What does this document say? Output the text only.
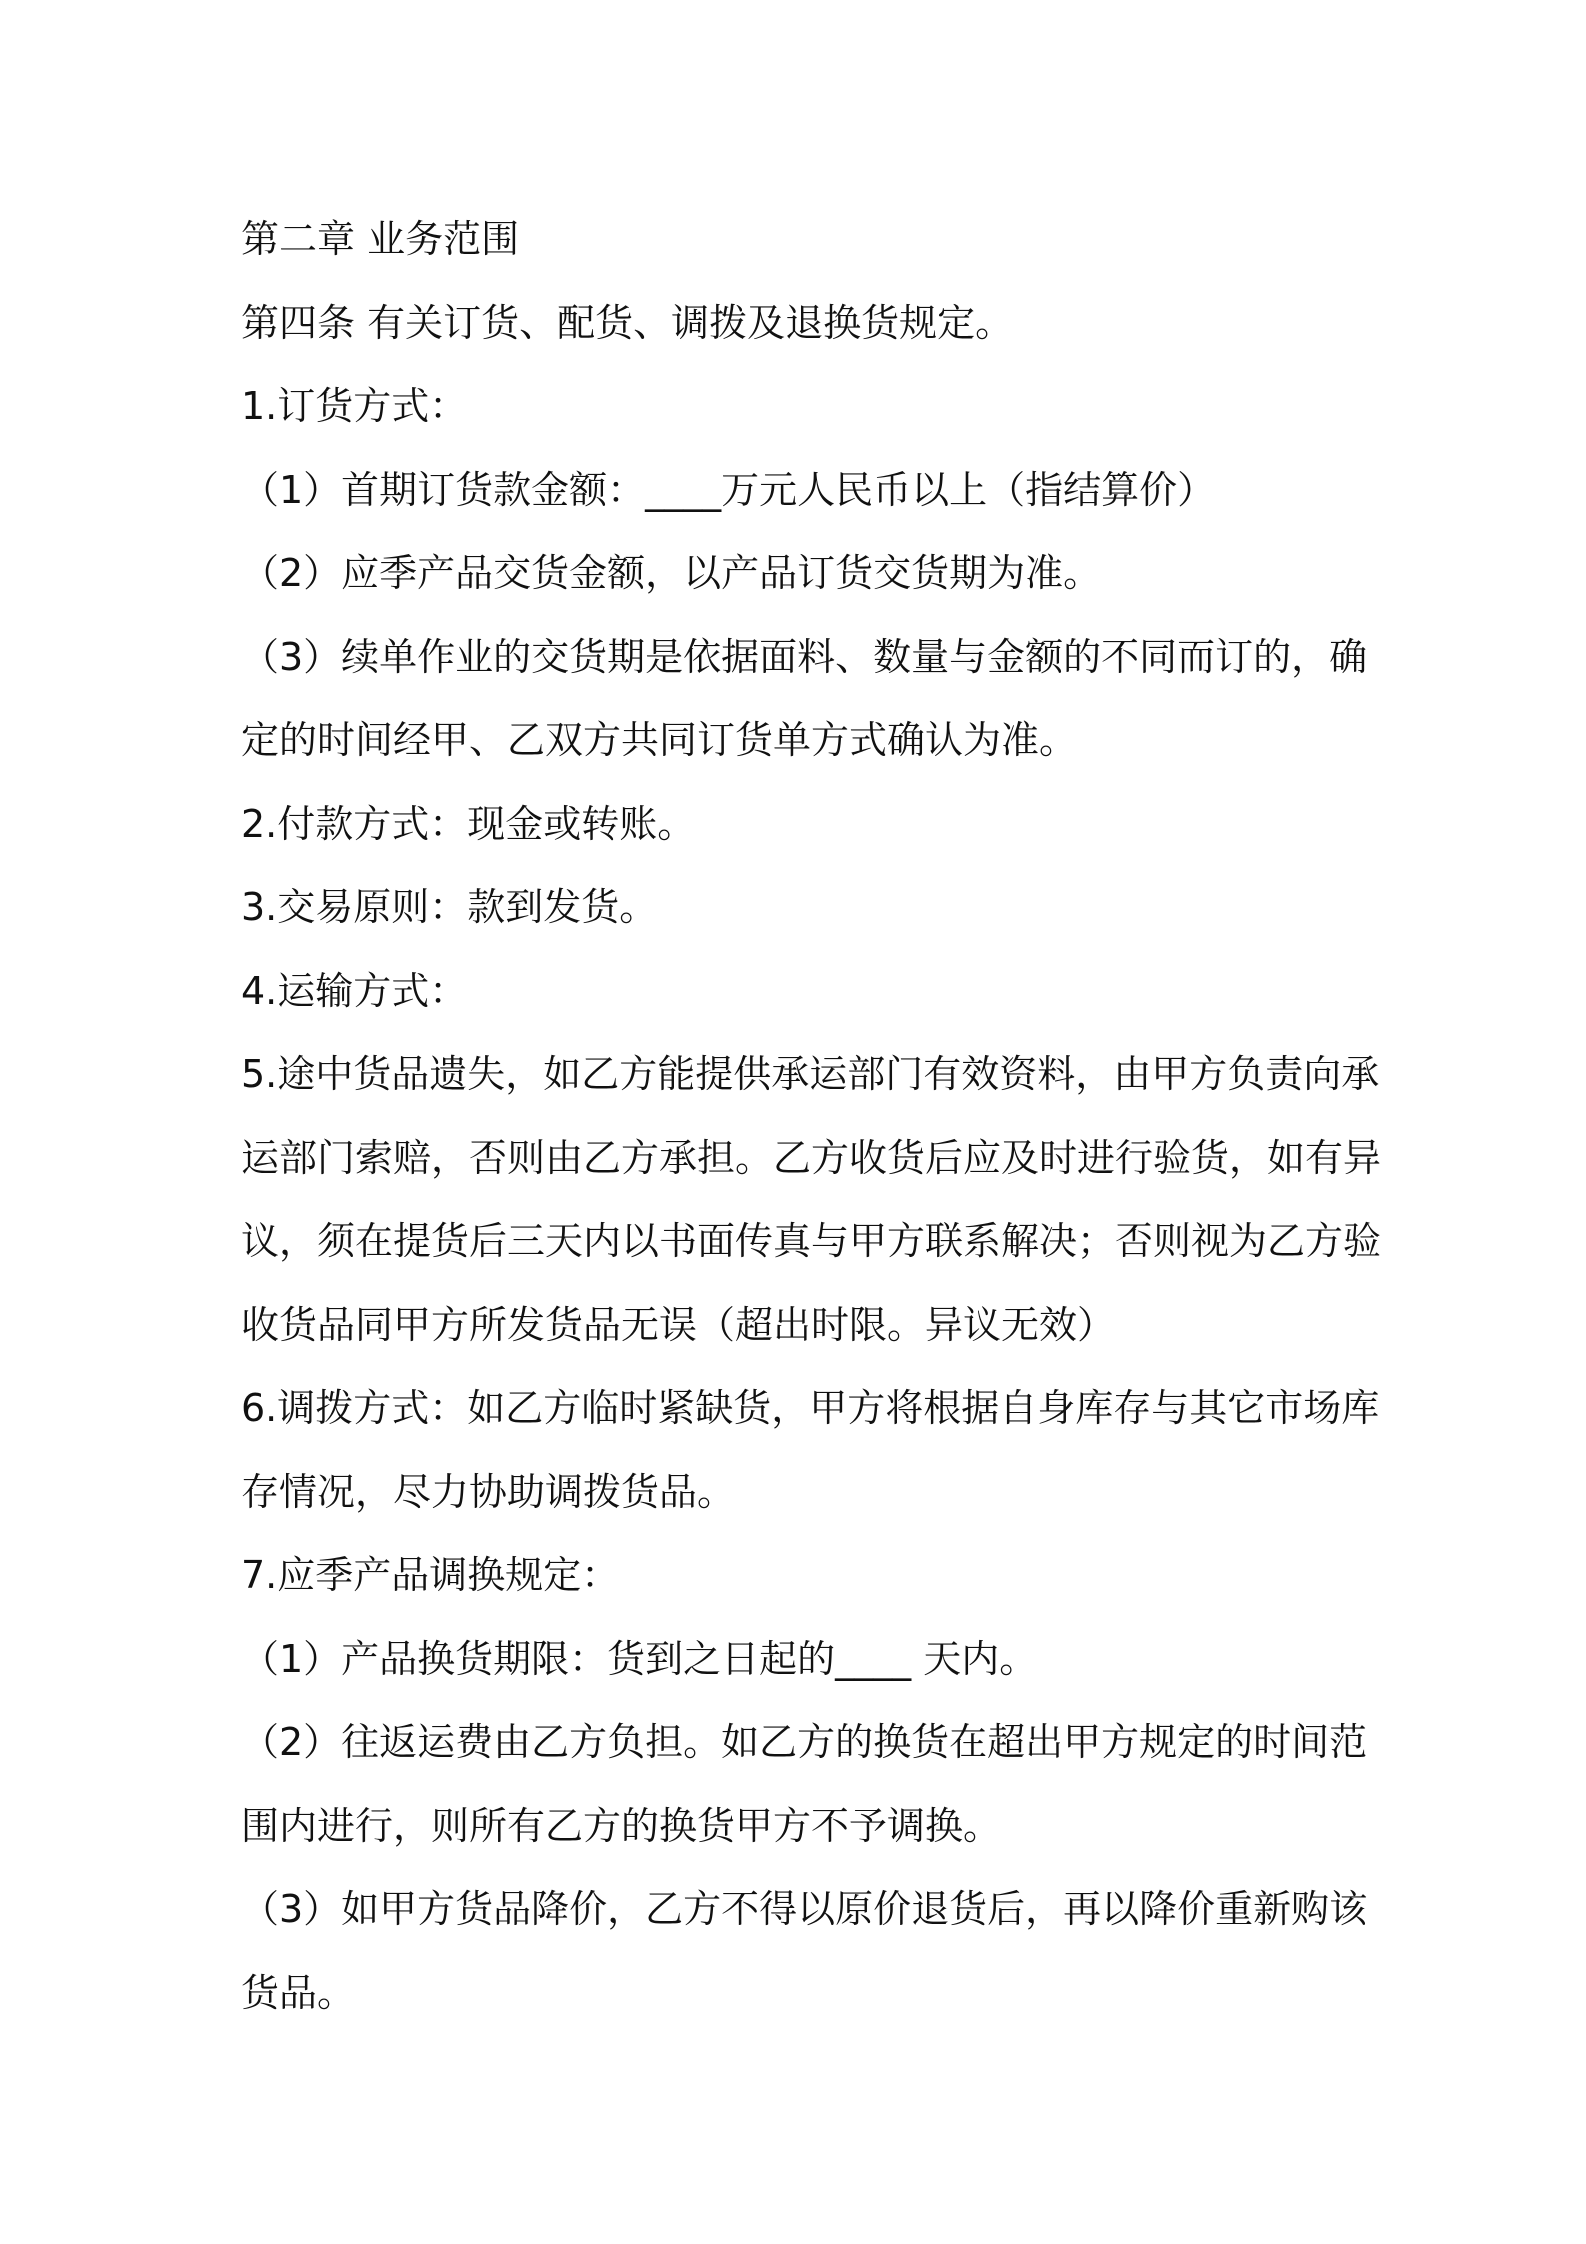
第二章 业务范围
第四条 有关订货、配货、调拨及退换货规定。
1.订货方式：
（1）首期订货款金额：____万元人民币以上（指结算价）
（2）应季产品交货金额，以产品订货交货期为准。
（3）续单作业的交货期是依据面料、数量与金额的不同而订的，确
定的时间经甲、乙双方共同订货单方式确认为准。
2.付款方式：现金或转账。
3.交易原则：款到发货。
4.运输方式：
5.途中货品遗失，如乙方能提供承运部门有效资料，由甲方负责向承
运部门索赔，否则由乙方承担。乙方收货后应及时进行验货，如有异
议，须在提货后三天内以书面传真与甲方联系解决；否则视为乙方验
收货品同甲方所发货品无误（超出时限。异议无效）
6.调拨方式：如乙方临时紧缺货，甲方将根据自身库存与其它市场库
存情况，尽力协助调拨货品。
7.应季产品调换规定：
（1）产品换货期限：货到之日起的____ 天内。
（2）往返运费由乙方负担。如乙方的换货在超出甲方规定的时间范
围内进行，则所有乙方的换货甲方不予调换。
（3）如甲方货品降价，乙方不得以原价退货后，再以降价重新购该
货品。
